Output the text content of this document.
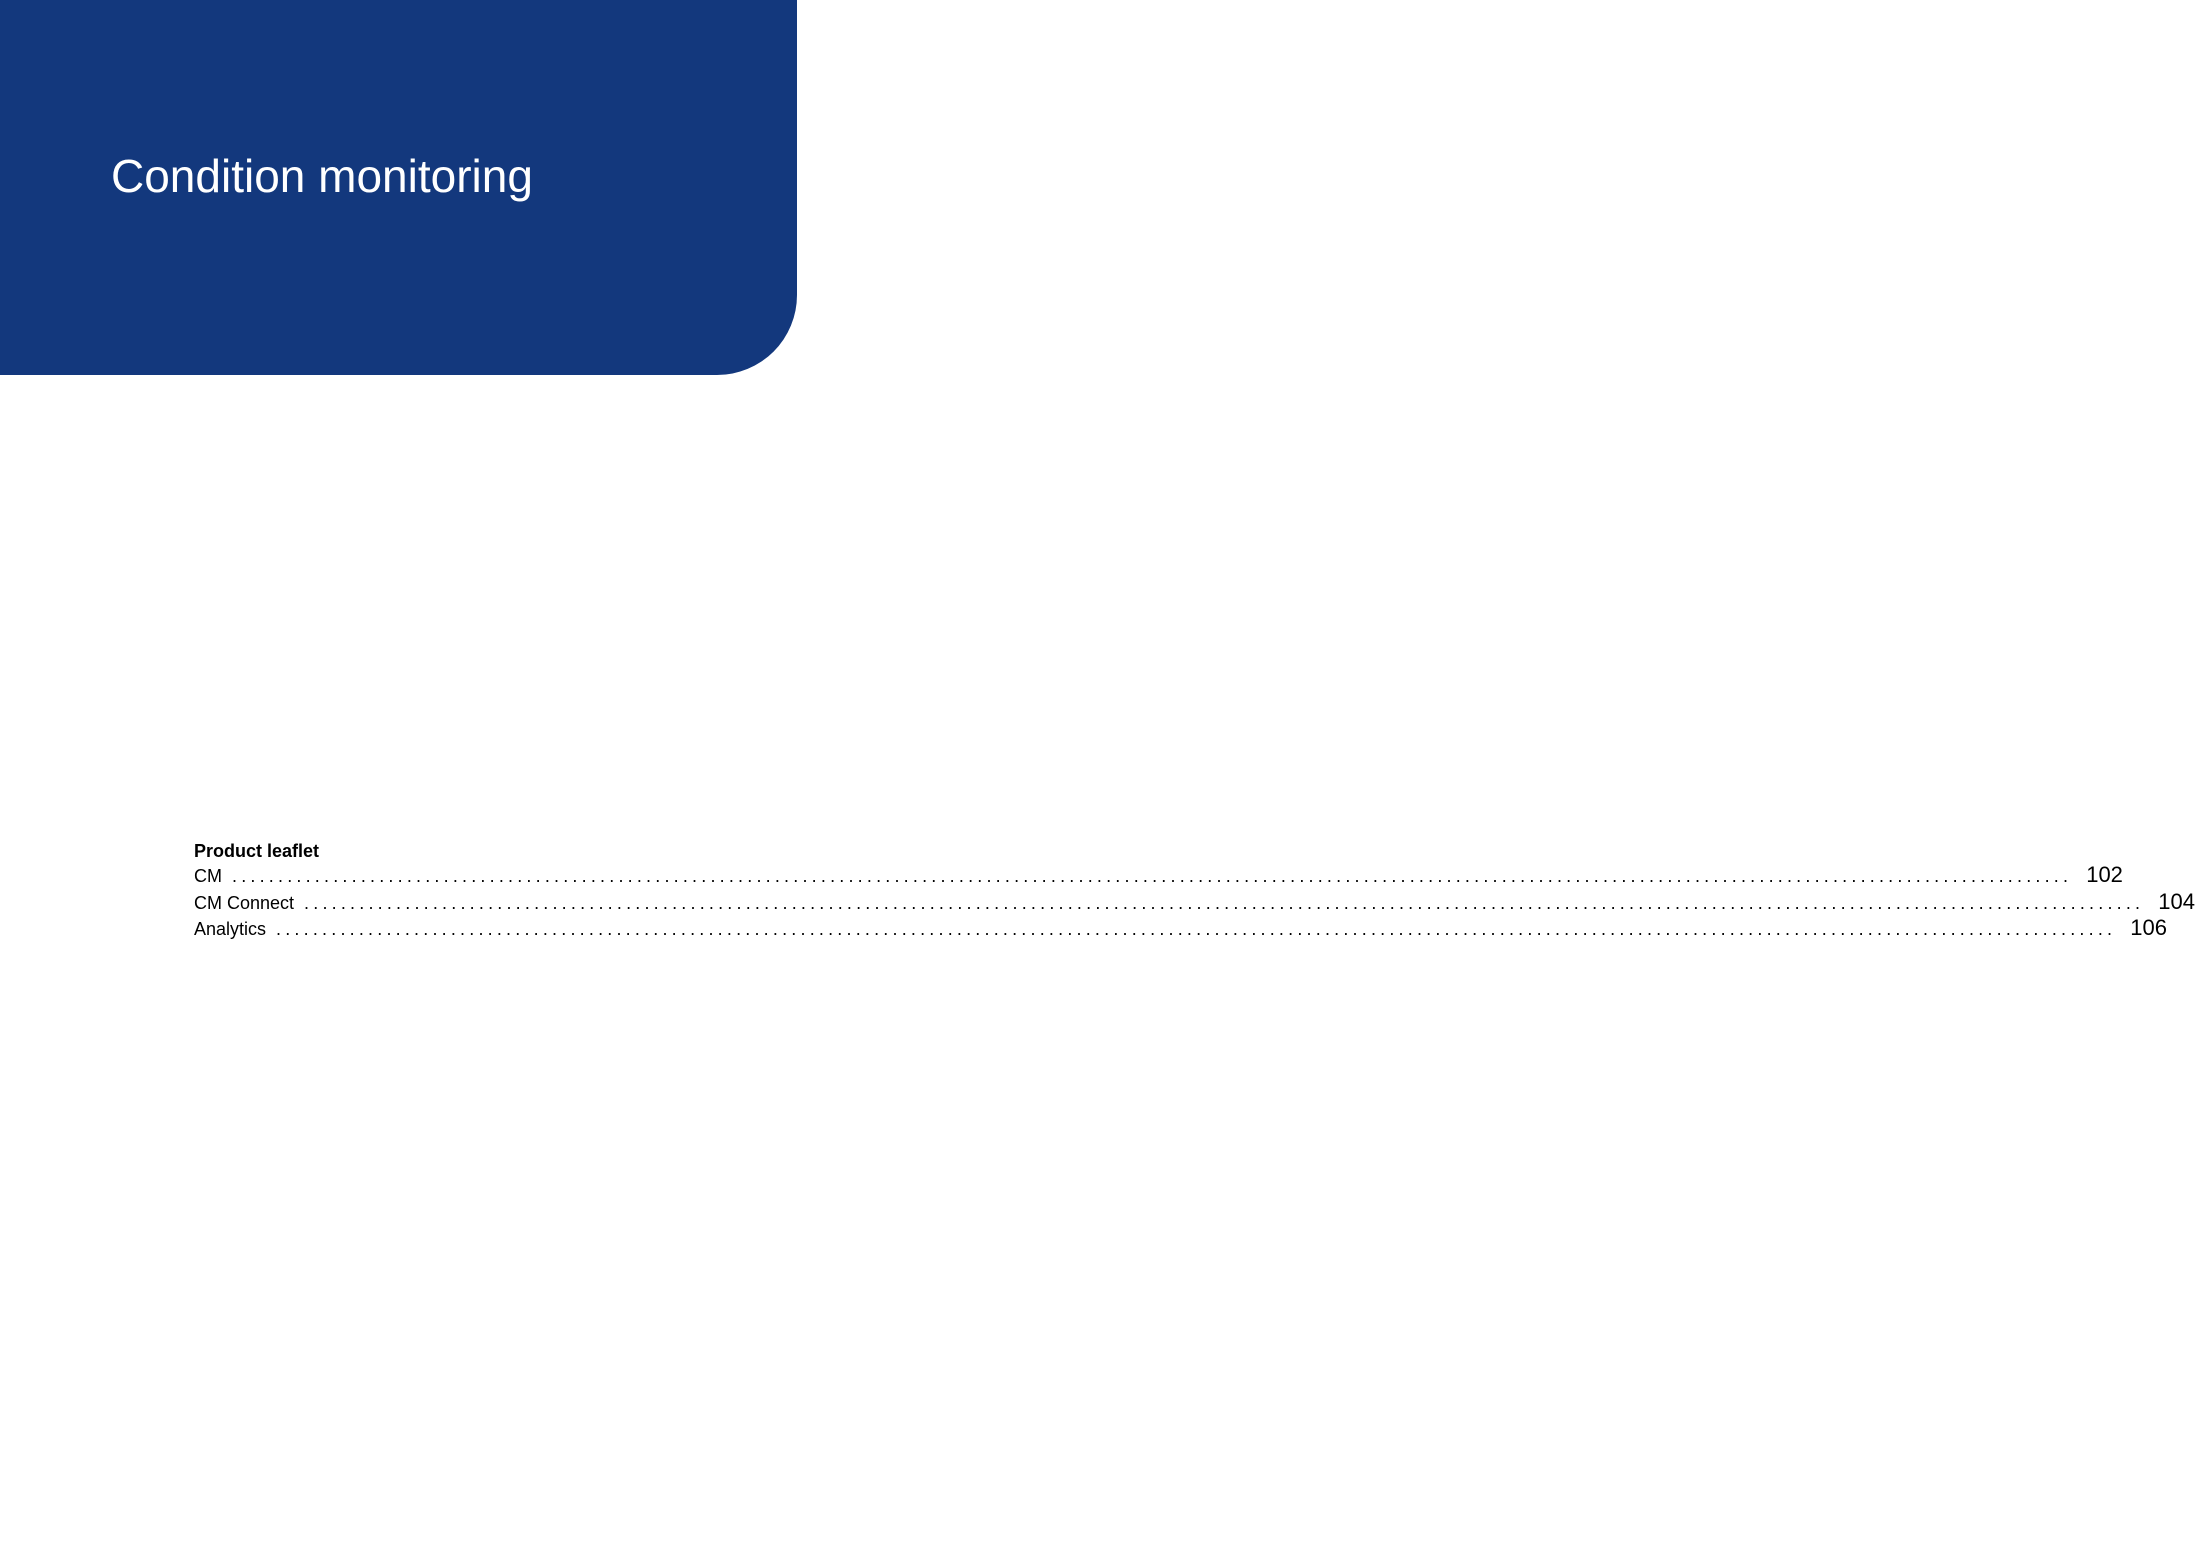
Condition monitoring
Product leaflet
CM ........................................................................................................................................................................................................ 102
CM Connect ........................................................................................................................................................................................................ 104
Analytics ........................................................................................................................................................................................................ 106
